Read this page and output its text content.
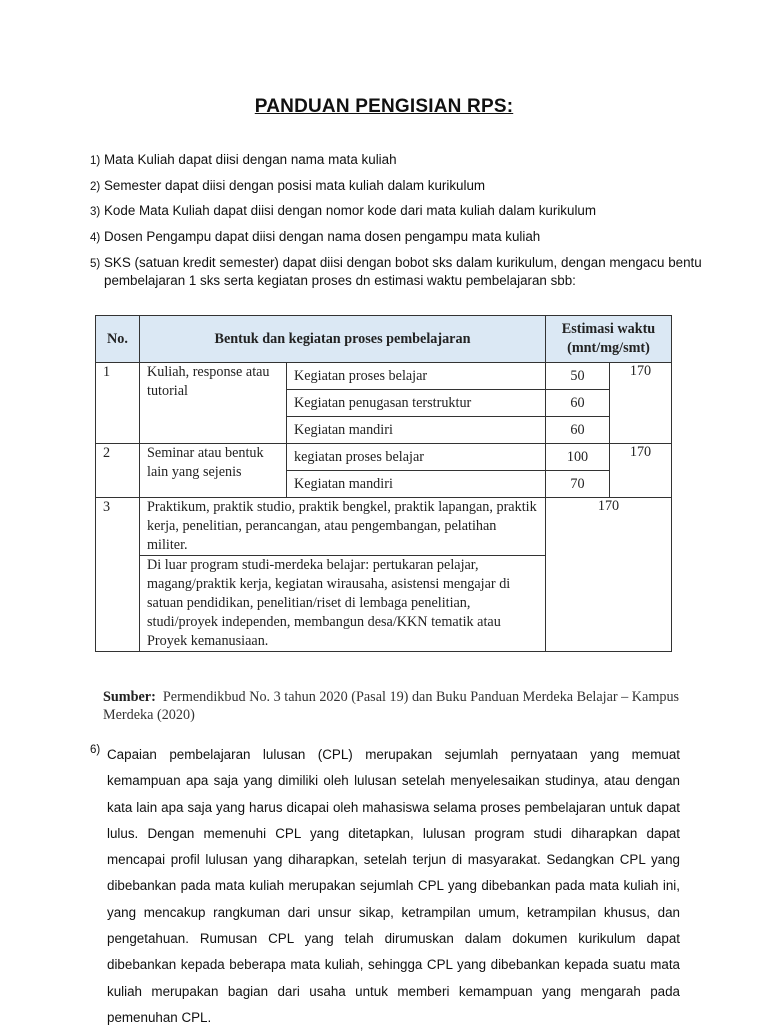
PANDUAN PENGISIAN RPS:
1) Mata Kuliah dapat diisi dengan nama mata kuliah
2) Semester dapat diisi dengan posisi mata kuliah dalam kurikulum
3) Kode Mata Kuliah dapat diisi dengan nomor kode dari mata kuliah dalam kurikulum
4) Dosen Pengampu dapat diisi dengan nama dosen pengampu mata kuliah
5) SKS (satuan kredit semester) dapat diisi dengan bobot sks dalam kurikulum, dengan mengacu bentu
pembelajaran 1 sks serta kegiatan proses dn estimasi waktu pembelajaran sbb:
No.	Bentuk dan kegiatan proses pembelajaran		Estimasi waktu
(mnt/mg/smt)	
1	Kuliah, response atau tutorial	Kegiatan proses belajar	50	170
		Kegiatan penugasan terstruktur	60	
		Kegiatan mandiri	60	
2	Seminar atau bentuk lain yang sejenis	kegiatan proses belajar	100	170
		Kegiatan mandiri	70	
3	Praktikum, praktik studio, praktik bengkel, praktik lapangan, praktik kerja, penelitian, perancangan, atau pengembangan, pelatihan militer.		170	
	Di luar program studi-merdeka belajar: pertukaran pelajar, magang/praktik kerja, kegiatan wirausaha, asistensi mengajar di satuan pendidikan, penelitian/riset di lembaga penelitian, studi/proyek independen, membangun desa/KKN tematik atau Proyek kemanusiaan.			
Sumber: Permendikbud No. 3 tahun 2020 (Pasal 19) dan Buku Panduan Merdeka Belajar – Kampus Merdeka (2020)
6) Capaian pembelajaran lulusan (CPL) merupakan sejumlah pernyataan yang memuat kemampuan apa saja yang dimiliki oleh lulusan setelah menyelesaikan studinya, atau dengan kata lain apa saja yang harus dicapai oleh mahasiswa selama proses pembelajaran untuk dapat lulus. Dengan memenuhi CPL yang ditetapkan, lulusan program studi diharapkan dapat mencapai profil lulusan yang diharapkan, setelah terjun di masyarakat. Sedangkan CPL yang dibebankan pada mata kuliah merupakan sejumlah CPL yang dibebankan pada mata kuliah ini, yang mencakup rangkuman dari unsur sikap, ketrampilan umum, ketrampilan khusus, dan pengetahuan. Rumusan CPL yang telah dirumuskan dalam dokumen kurikulum dapat dibebankan kepada beberapa mata kuliah, sehingga CPL yang dibebankan kepada suatu mata kuliah merupakan bagian dari usaha untuk memberi kemampuan yang mengarah pada pemenuhan CPL.
